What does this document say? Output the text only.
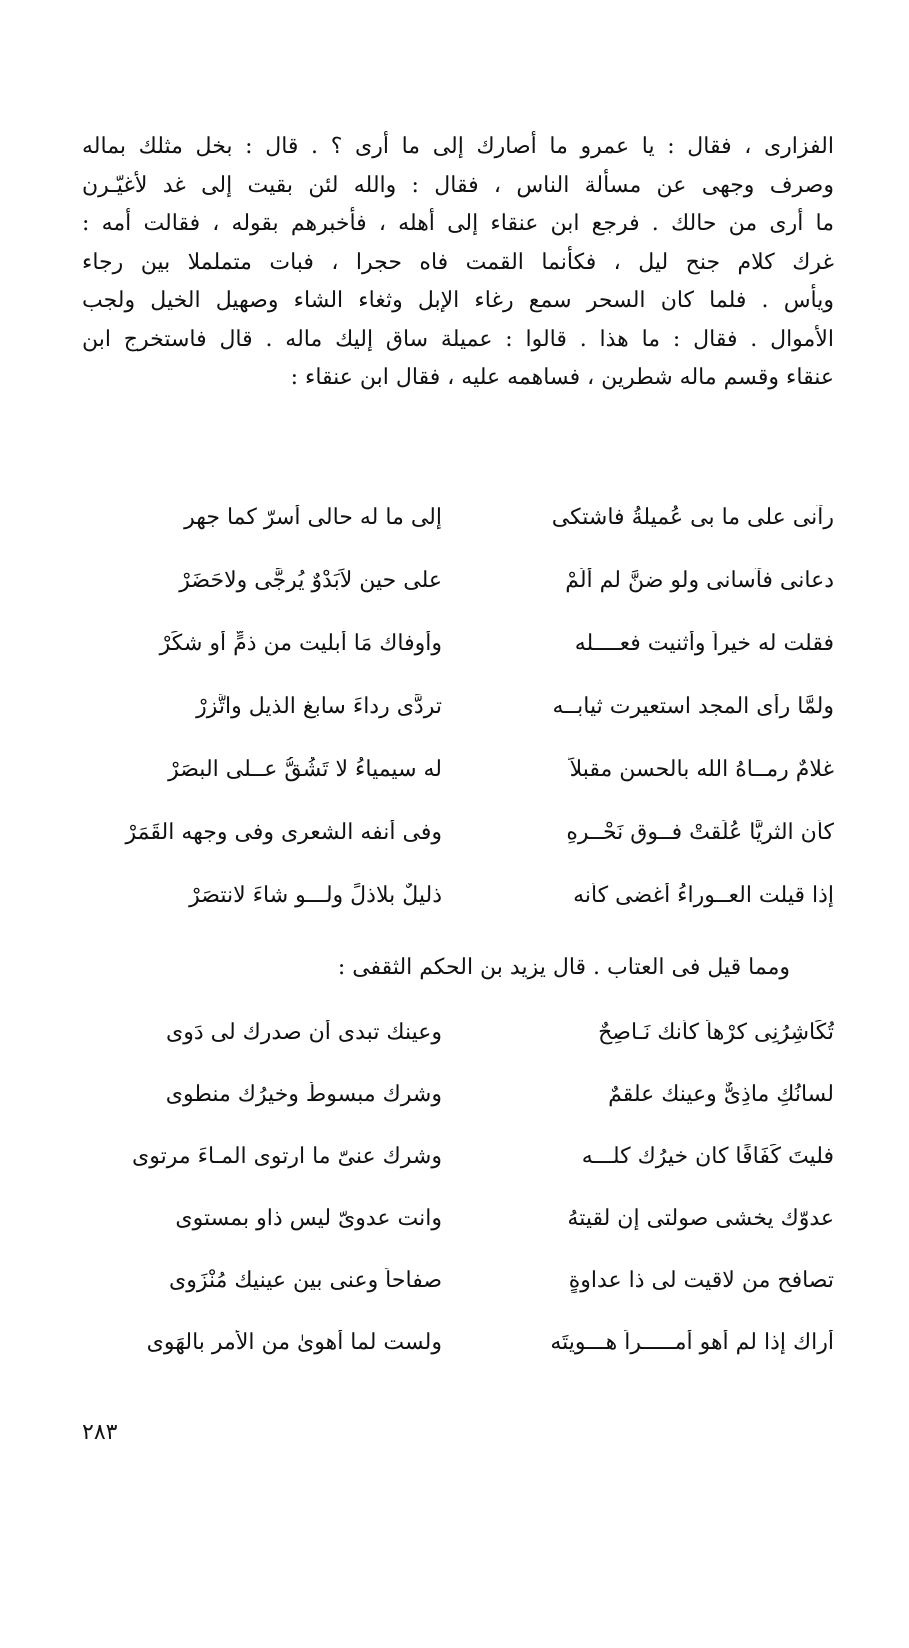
الفزارى ، فقال : يا عمرو ما أصارك إلى ما أرى ؟ . قال : بخل مثلك بماله
وصرف وجهى عن مسألة الناس ، فقال : والله لئن بقيت إلى غد لأغيّـرن
ما أرى من حالك . فرجع ابن عنقاء إلى أهله ، فأخبرهم بقوله ، فقالت أمه :
غرك كلام جنح ليل ، فكأنما القمت فاه حجرا ، فبات متململا بين رجاء
ويأس . فلما كان السحر سمع رغاء الإبل وثغاء الشاء وصهيل الخيل ولجب
الأموال . فقال : ما هذا . قالوا : عميلة ساق إليك ماله . قال فاستخرج ابن
عنقاء وقسم ماله شطرين ، فساهمه عليه ، فقال ابن عنقاء :
رآنى على ما بى عُميلةُ فاشتكى
إلى ما له حالى أسرّ كما جهر
دعانى فآسانى ولو ضنَّ لم أَلُمْ
على حين لاَبَدْوٌ يُرجَّى ولاحَضَرْ
فقلت له خيراً وأثنيت فعــــله
وأوفاك مَا أبليت من ذمٍّ أو شكَرْ
ولمَّا رأى المجد استعيرت ثيابــه
تردَّى رداءَ سابغ الذيل واتَّزرْ
غلامٌ رمــاهُ الله بالحسن مقبلاً
له سيمياءُ لا تَشُقُّ عــلى البصَرْ
كأن الثريَّا عُلِّقتْ فــوق نَحْــرِهِ
وفى أنفه الشعرى وفى وجهه القَمَرْ
إذا قيلت العــوراءُ أغضى كأنه
ذليلٌ بلاذلٍّ ولـــو شاءَ لانتصَرْ
ومما قيل فى العتاب . قال يزيد بن الحكم الثقفى :
تُكَاشِرُنِى كرْهاً كأنك نَـاصِحٌ
وعينك تبدى أن صدرك لى دَوِى
لسانُكِ ماذِىٌّ وعينك علقمٌ
وشرك مبسوطٌ وخيرُك منطوِى
فليتَ كَفَافًا كان خيرُك كلـــه
وشرك عنىّ ما ارتوى المـاءَ مرتوِى
عدوّك يخشى صولتى إن لقيتهُ
وانت عدوىّ ليس ذاو بمستوِى
تصافح من لاقيت لى ذا عداوةٍ
صفاحاً وعنى بين عينيك مُنْزَوِى
أراك إذا لم أهو أمـــــراً هـــويتَه
ولست لما أهوىٰ من الأمر بالهَوِى
٢٨٣
